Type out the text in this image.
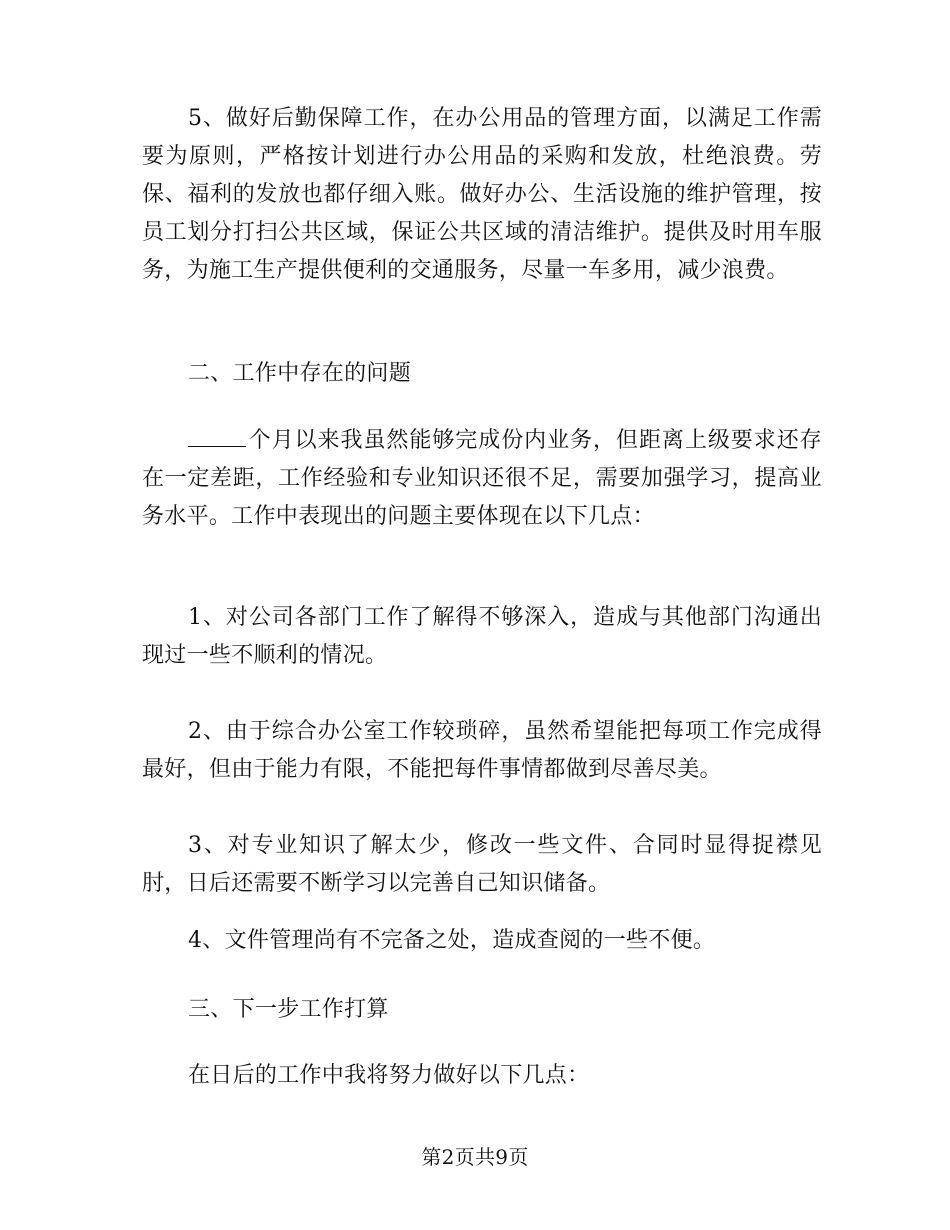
5、做好后勤保障工作，在办公用品的管理方面，以满足工作需要为原则，严格按计划进行办公用品的采购和发放，杜绝浪费。劳保、福利的发放也都仔细入账。做好办公、生活设施的维护管理，按员工划分打扫公共区域，保证公共区域的清洁维护。提供及时用车服务，为施工生产提供便利的交通服务，尽量一车多用，减少浪费。

二、工作中存在的问题

个月以来我虽然能够完成份内业务，但距离上级要求还存在一定差距，工作经验和专业知识还很不足，需要加强学习，提高业务水平。工作中表现出的问题主要体现在以下几点：

1、对公司各部门工作了解得不够深入，造成与其他部门沟通出现过一些不顺利的情况。

2、由于综合办公室工作较琐碎，虽然希望能把每项工作完成得最好，但由于能力有限，不能把每件事情都做到尽善尽美。

3、对专业知识了解太少，修改一些文件、合同时显得捉襟见肘，日后还需要不断学习以完善自己知识储备。

4、文件管理尚有不完备之处，造成查阅的一些不便。

三、下一步工作打算

在日后的工作中我将努力做好以下几点：

第2页共9页
